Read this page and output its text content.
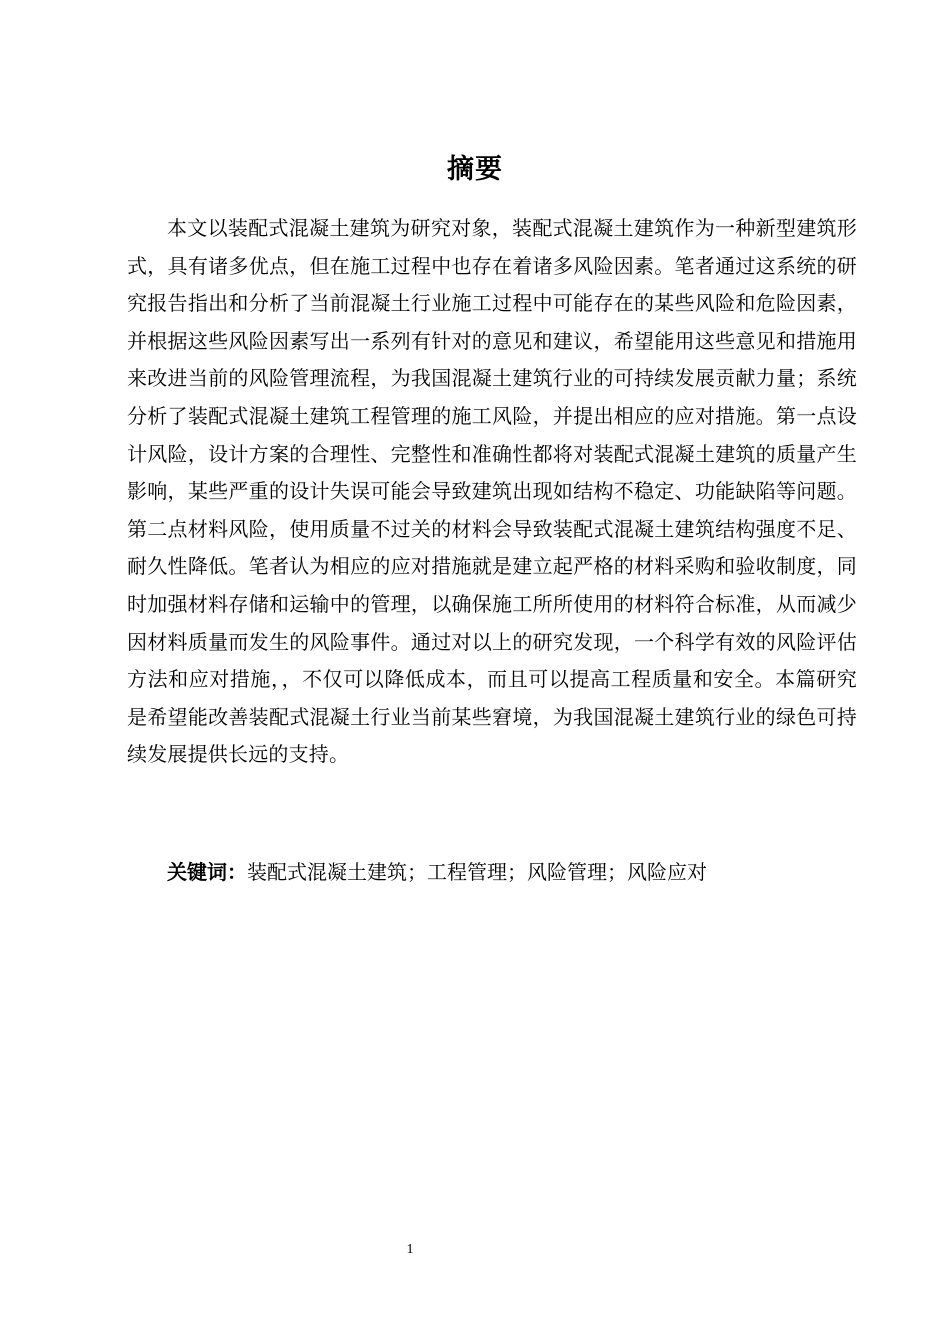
摘要

本文以装配式混凝土建筑为研究对象，装配式混凝土建筑作为一种新型建筑形式，具有诸多优点，但在施工过程中也存在着诸多风险因素。笔者通过这系统的研究报告指出和分析了当前混凝土行业施工过程中可能存在的某些风险和危险因素，并根据这些风险因素写出一系列有针对的意见和建议，希望能用这些意见和措施用来改进当前的风险管理流程，为我国混凝土建筑行业的可持续发展贡献力量；系统分析了装配式混凝土建筑工程管理的施工风险，并提出相应的应对措施。第一点设计风险，设计方案的合理性、完整性和准确性都将对装配式混凝土建筑的质量产生影响，某些严重的设计失误可能会导致建筑出现如结构不稳定、功能缺陷等问题。第二点材料风险，使用质量不过关的材料会导致装配式混凝土建筑结构强度不足、耐久性降低。笔者认为相应的应对措施就是建立起严格的材料采购和验收制度，同时加强材料存储和运输中的管理，以确保施工所所使用的材料符合标准，从而减少因材料质量而发生的风险事件。通过对以上的研究发现，一个科学有效的风险评估方法和应对措施，，不仅可以降低成本，而且可以提高工程质量和安全。本篇研究是希望能改善装配式混凝土行业当前某些窘境，为我国混凝土建筑行业的绿色可持续发展提供长远的支持。

关键词：装配式混凝土建筑；工程管理；风险管理；风险应对
1
